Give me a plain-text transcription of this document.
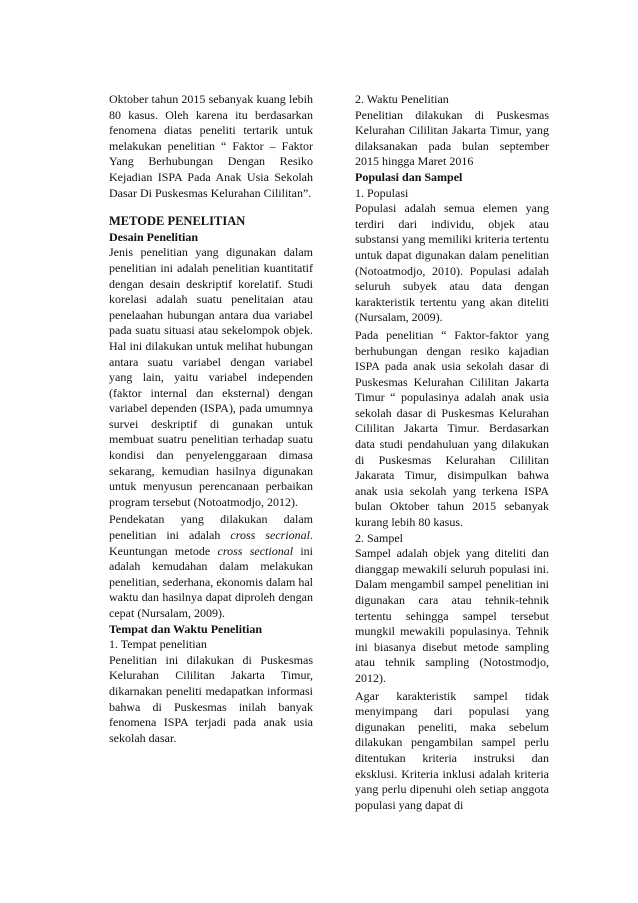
Oktober tahun 2015 sebanyak kuang lebih 80 kasus. Oleh karena itu berdasarkan fenomena diatas peneliti tertarik untuk melakukan penelitian “ Faktor – Faktor Yang Berhubungan Dengan Resiko Kejadian ISPA Pada Anak Usia Sekolah Dasar Di Puskesmas Kelurahan Cililitan”.

METODE PENELITIAN

Desain Penelitian

Jenis penelitian yang digunakan dalam penelitian ini adalah penelitian kuantitatif dengan desain deskriptif korelatif. Studi korelasi adalah suatu penelitaian atau penelaahan hubungan antara dua variabel pada suatu situasi atau sekelompok objek. Hal ini dilakukan untuk melihat hubungan antara suatu variabel dengan variabel yang lain, yaitu variabel independen (faktor internal dan eksternal) dengan variabel dependen (ISPA), pada umumnya survei deskriptif di gunakan untuk membuat suatru penelitian terhadap suatu kondisi dan penyelenggaraan dimasa sekarang, kemudian hasilnya digunakan untuk menyusun perencanaan perbaikan program tersebut (Notoatmodjo, 2012).

Pendekatan yang dilakukan dalam penelitian ini adalah cross secrional. Keuntungan metode cross sectional ini adalah kemudahan dalam melakukan penelitian, sederhana, ekonomis dalam hal waktu dan hasilnya dapat diproleh dengan cepat (Nursalam, 2009).

Tempat dan Waktu Penelitian

1. Tempat penelitian

Penelitian ini dilakukan di Puskesmas Kelurahan Cililitan Jakarta Timur, dikarnakan peneliti medapatkan informasi bahwa di Puskesmas inilah banyak fenomena ISPA terjadi pada anak usia sekolah dasar.

2. Waktu Penelitian

Penelitian dilakukan di Puskesmas Kelurahan Cililitan Jakarta Timur, yang dilaksanakan pada bulan september 2015 hingga Maret 2016

Populasi dan Sampel

1. Populasi

Populasi adalah semua elemen yang terdiri dari individu, objek atau substansi yang memiliki kriteria tertentu untuk dapat digunakan dalam penelitian (Notoatmodjo, 2010). Populasi adalah seluruh subyek atau data dengan karakteristik tertentu yang akan diteliti (Nursalam, 2009).

Pada penelitian “ Faktor-faktor yang berhubungan dengan resiko kajadian ISPA pada anak usia sekolah dasar di Puskesmas Kelurahan Cililitan Jakarta Timur “ populasinya adalah anak usia sekolah dasar di Puskesmas Kelurahan Cililitan Jakarta Timur. Berdasarkan data studi pendahuluan yang dilakukan di Puskesmas Kelurahan Cililitan Jakarata Timur, disimpulkan bahwa anak usia sekolah yang terkena ISPA bulan Oktober tahun 2015 sebanyak kurang lebih 80 kasus.

2. Sampel

Sampel adalah objek yang diteliti dan dianggap mewakili seluruh populasi ini. Dalam mengambil sampel penelitian ini digunakan cara atau tehnik-tehnik tertentu sehingga sampel tersebut mungkil mewakili populasinya. Tehnik ini biasanya disebut metode sampling atau tehnik sampling (Notostmodjo, 2012).

Agar karakteristik sampel tidak menyimpang dari populasi yang digunakan peneliti, maka sebelum dilakukan pengambilan sampel perlu ditentukan kriteria instruksi dan eksklusi. Kriteria inklusi adalah kriteria yang perlu dipenuhi oleh setiap anggota populasi yang dapat di
